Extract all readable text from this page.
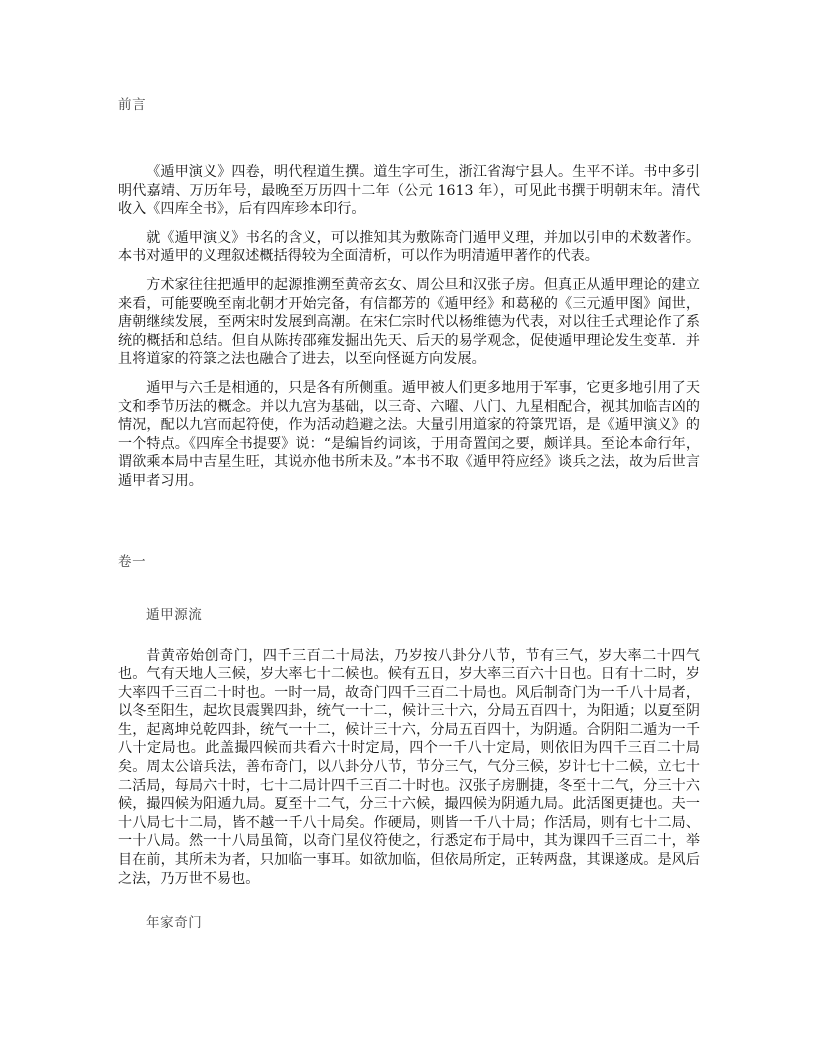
前言

《遁甲演义》四卷，明代程道生撰。道生字可生，浙江省海宁县人。生平不详。书中多引明代嘉靖、万历年号，最晚至万历四十二年（公元 1613 年），可见此书撰于明朝末年。清代收入《四库全书》，后有四库珍本印行。

就《遁甲演义》书名的含义，可以推知其为敷陈奇门遁甲义理，并加以引申的术数著作。本书对遁甲的义理叙述概括得较为全面清析，可以作为明清遁甲著作的代表。

方术家往往把遁甲的起源推溯至黄帝玄女、周公旦和汉张子房。但真正从遁甲理论的建立来看，可能要晚至南北朝才开始完备，有信都芳的《遁甲经》和葛秘的《三元遁甲图》闻世，唐朝继续发展，至两宋时发展到高潮。在宋仁宗时代以杨维德为代表，对以往壬式理论作了系统的概括和总结。但自从陈抟邵雍发掘出先天、后天的易学观念，促使遁甲理论发生变革．并且将道家的符箓之法也融合了进去，以至向怪诞方向发展。

遁甲与六壬是相通的，只是各有所侧重。遁甲被人们更多地用于军事，它更多地引用了天文和季节历法的概念。并以九宫为基础，以三奇、六曜、八门、九星相配合，视其加临吉凶的情况，配以九宫而起符使，作为活动趋避之法。大量引用道家的符箓咒语，是《遁甲演义》的一个特点。《四库全书提要》说：“是编旨约词该，于用奇置闰之要，颇详具。至论本命行年，谓欲乘本局中吉星生旺，其说亦他书所未及。”本书不取《遁甲符应经》谈兵之法，故为后世言遁甲者习用。

卷一
遁甲源流

昔黄帝始创奇门，四千三百二十局法，乃岁按八卦分八节，节有三气，岁大率二十四气也。气有天地人三候，岁大率七十二候也。候有五日，岁大率三百六十日也。日有十二时，岁大率四千三百二十时也。一时一局，故奇门四千三百二十局也。风后制奇门为一千八十局者，以冬至阳生，起坎艮震巽四卦，统气一十二，候计三十六，分局五百四十，为阳遁；以夏至阴生，起离坤兑乾四卦，统气一十二，候计三十六，分局五百四十，为阴遁。合阴阳二遁为一千八十定局也。此盖撮四候而共看六十时定局，四个一千八十定局，则依旧为四千三百二十局矣。周太公谙兵法，善布奇门，以八卦分八节，节分三气，气分三候，岁计七十二候，立七十二活局，每局六十时，七十二局计四千三百二十时也。汉张子房删捷，冬至十二气，分三十六候，撮四候为阳遁九局。夏至十二气，分三十六候，撮四候为阴遁九局。此活图更捷也。夫一十八局七十二局，皆不越一千八十局矣。作硬局，则皆一千八十局；作活局，则有七十二局、一十八局。然一十八局虽简，以奇门星仪符使之，行悉定布于局中，其为课四千三百二十，举目在前，其所未为者，只加临一事耳。如欲加临，但依局所定，正转两盘，其课遂成。是风后之法，乃万世不易也。

年家奇门
